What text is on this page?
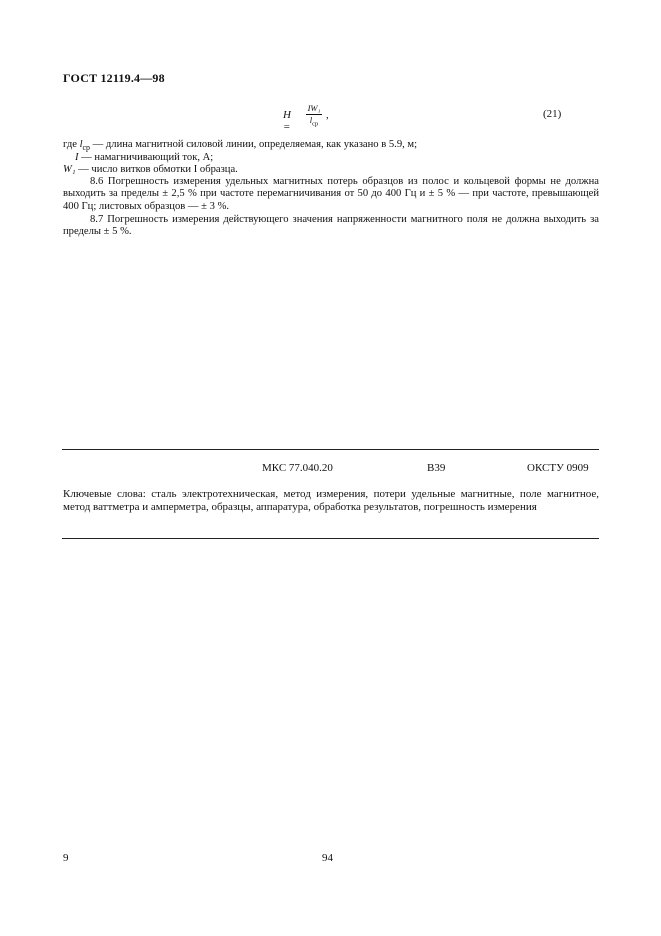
ГОСТ 12119.4—98
H =
IW₁
$l_{ср}$
,	(21)
где $l_{ср}$ — длина магнитной силовой линии, определяемая, как указано в 5.9, м;
I — намагничивающий ток, А;
W₁ — число витков обмотки I образца.
8.6 Погрешность измерения удельных магнитных потерь образцов из полос и кольцевой формы не должна выходить за пределы ± 2,5 % при частоте перемагничивания от 50 до 400 Гц и ± 5 % — при частоте, превышающей 400 Гц; листовых образцов — ± 3 %.
8.7 Погрешность измерения действующего значения напряженности магнитного поля не должна выходить за пределы ± 5 %.
МКС 77.040.20	В39	ОКСТУ 0909
Ключевые слова: сталь электротехническая, метод измерения, потери удельные магнитные, поле магнитное, метод ваттметра и амперметра, образцы, аппаратура, обработка результатов, погрешность измерения
9	94
